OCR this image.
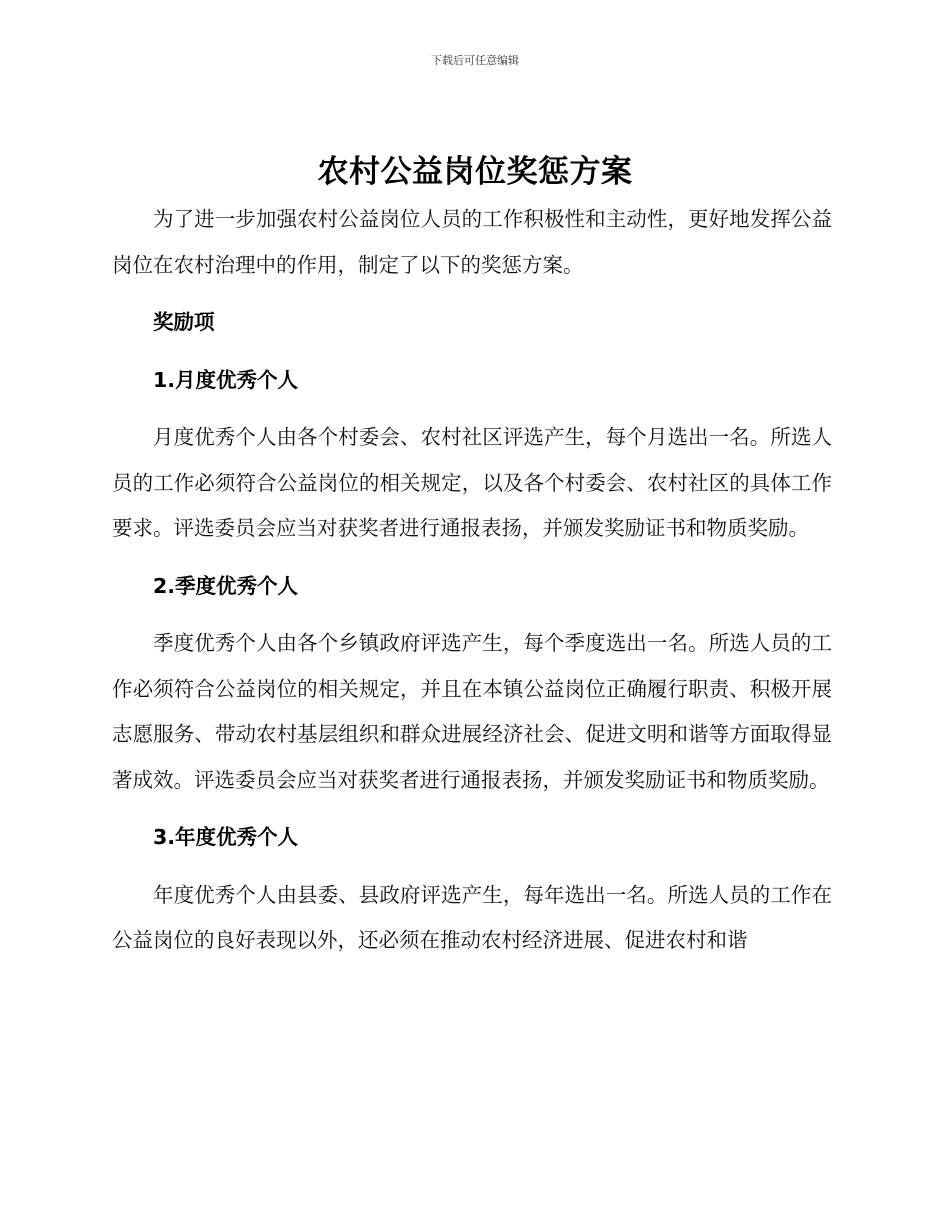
下载后可任意编辑
农村公益岗位奖惩方案

为了进一步加强农村公益岗位人员的工作积极性和主动性，更好地发挥公益岗位在农村治理中的作用，制定了以下的奖惩方案。

奖励项
1.月度优秀个人

月度优秀个人由各个村委会、农村社区评选产生，每个月选出一名。所选人员的工作必须符合公益岗位的相关规定，以及各个村委会、农村社区的具体工作要求。评选委员会应当对获奖者进行通报表扬，并颁发奖励证书和物质奖励。

2.季度优秀个人

季度优秀个人由各个乡镇政府评选产生，每个季度选出一名。所选人员的工作必须符合公益岗位的相关规定，并且在本镇公益岗位正确履行职责、积极开展志愿服务、带动农村基层组织和群众进展经济社会、促进文明和谐等方面取得显著成效。评选委员会应当对获奖者进行通报表扬，并颁发奖励证书和物质奖励。

3.年度优秀个人

年度优秀个人由县委、县政府评选产生，每年选出一名。所选人员的工作在公益岗位的良好表现以外，还必须在推动农村经济进展、促进农村和谐
